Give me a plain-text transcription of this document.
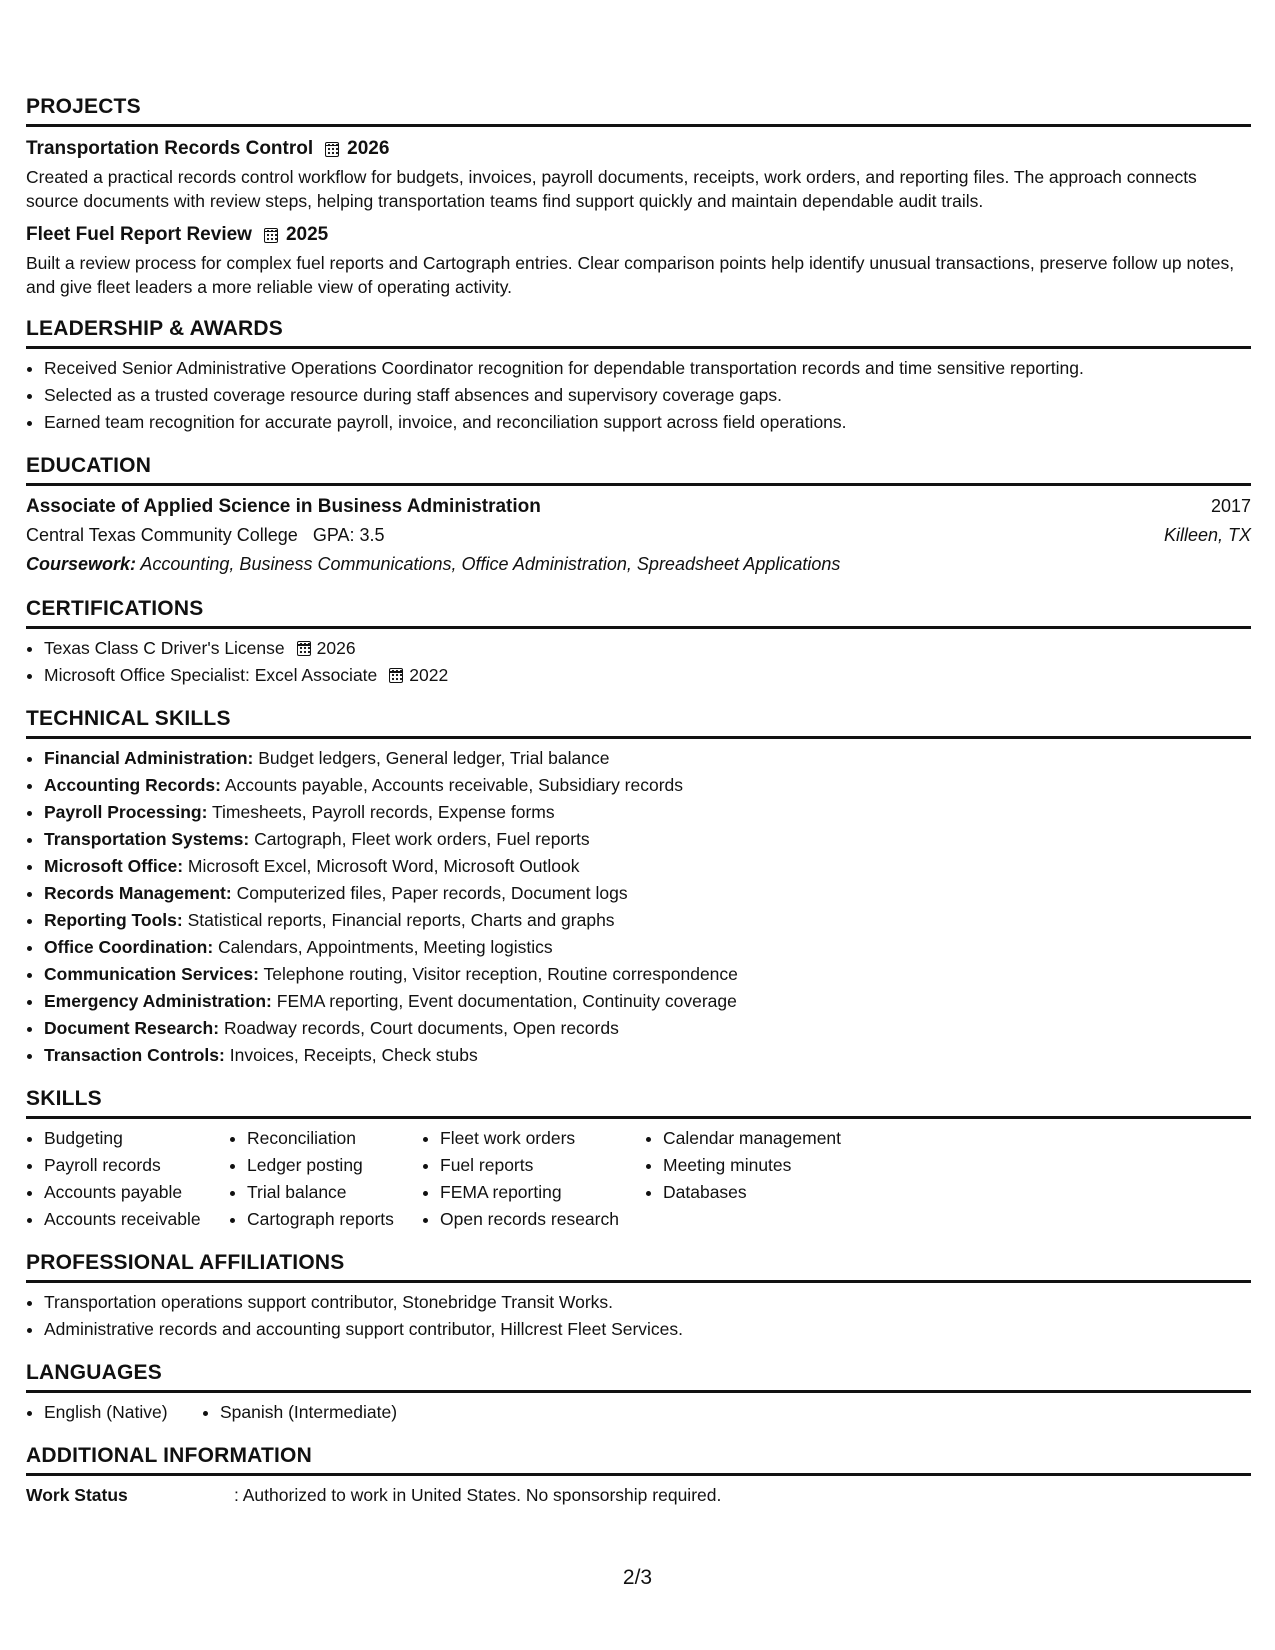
PROJECTS
Transportation Records Control 2026
Created a practical records control workflow for budgets, invoices, payroll documents, receipts, work orders, and reporting files. The approach connects source documents with review steps, helping transportation teams find support quickly and maintain dependable audit trails.
Fleet Fuel Report Review 2025
Built a review process for complex fuel reports and Cartograph entries. Clear comparison points help identify unusual transactions, preserve follow up notes, and give fleet leaders a more reliable view of operating activity.
LEADERSHIP & AWARDS
• Received Senior Administrative Operations Coordinator recognition for dependable transportation records and time sensitive reporting.
• Selected as a trusted coverage resource during staff absences and supervisory coverage gaps.
• Earned team recognition for accurate payroll, invoice, and reconciliation support across field operations.
EDUCATION
Associate of Applied Science in Business Administration	2017
Central Texas Community College GPA: 3.5	Killeen, TX
Coursework: Accounting, Business Communications, Office Administration, Spreadsheet Applications
CERTIFICATIONS
• Texas Class C Driver's License 2026
• Microsoft Office Specialist: Excel Associate 2022
TECHNICAL SKILLS
• Financial Administration: Budget ledgers, General ledger, Trial balance
• Accounting Records: Accounts payable, Accounts receivable, Subsidiary records
• Payroll Processing: Timesheets, Payroll records, Expense forms
• Transportation Systems: Cartograph, Fleet work orders, Fuel reports
• Microsoft Office: Microsoft Excel, Microsoft Word, Microsoft Outlook
• Records Management: Computerized files, Paper records, Document logs
• Reporting Tools: Statistical reports, Financial reports, Charts and graphs
• Office Coordination: Calendars, Appointments, Meeting logistics
• Communication Services: Telephone routing, Visitor reception, Routine correspondence
• Emergency Administration: FEMA reporting, Event documentation, Continuity coverage
• Document Research: Roadway records, Court documents, Open records
• Transaction Controls: Invoices, Receipts, Check stubs
SKILLS
• Budgeting
• Payroll records
• Accounts payable
• Accounts receivable
• Reconciliation
• Ledger posting
• Trial balance
• Cartograph reports
• Fleet work orders
• Fuel reports
• FEMA reporting
• Open records research
• Calendar management
• Meeting minutes
• Databases
PROFESSIONAL AFFILIATIONS
• Transportation operations support contributor, Stonebridge Transit Works.
• Administrative records and accounting support contributor, Hillcrest Fleet Services.
LANGUAGES
• English (Native)
•	Spanish (Intermediate)
ADDITIONAL INFORMATION
Work Status	: Authorized to work in United States. No sponsorship required.
2/3
